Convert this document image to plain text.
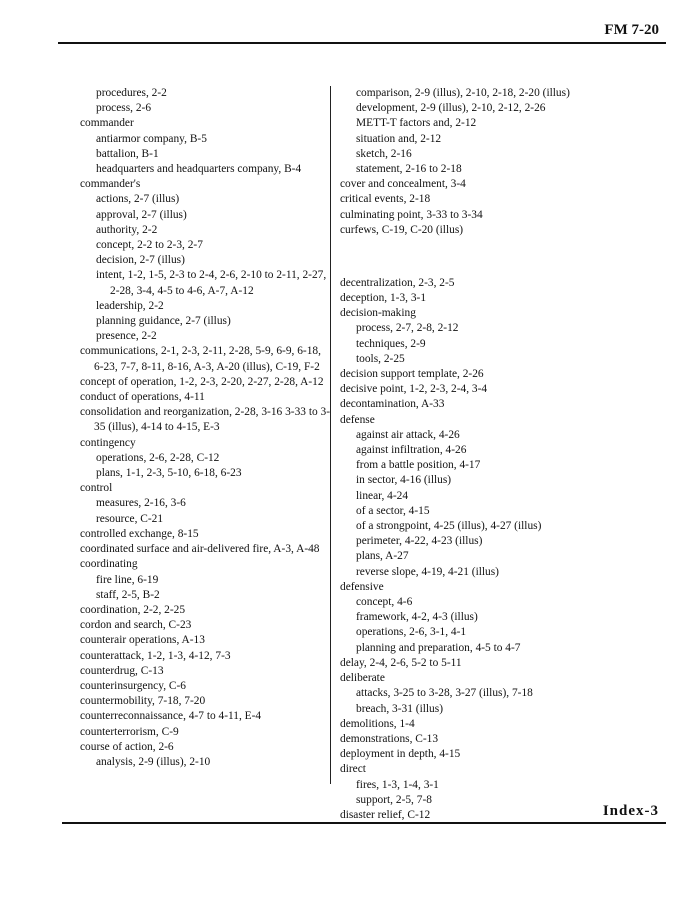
FM 7-20

procedures, 2-2

process, 2-6

commander

antiarmor company, B-5

battalion, B-1

headquarters and headquarters company, B-4

commander's

actions, 2-7 (illus)

approval, 2-7 (illus)

authority, 2-2

concept, 2-2 to 2-3, 2-7

decision, 2-7 (illus)

intent, 1-2, 1-5, 2-3 to 2-4, 2-6, 2-10 to 2-11, 2-27, 2-28, 3-4, 4-5 to 4-6, A-7, A-12

leadership, 2-2

planning guidance, 2-7 (illus)

presence, 2-2

communications, 2-1, 2-3, 2-11, 2-28, 5-9, 6-9, 6-18, 6-23, 7-7, 8-11, 8-16, A-3, A-20 (illus), C-19, F-2

concept of operation, 1-2, 2-3, 2-20, 2-27, 2-28, A-12

conduct of operations, 4-11

consolidation and reorganization, 2-28, 3-16 3-33 to 3-35 (illus), 4-14 to 4-15, E-3

contingency

operations, 2-6, 2-28, C-12

plans, 1-1, 2-3, 5-10, 6-18, 6-23

control

measures, 2-16, 3-6

resource, C-21

controlled exchange, 8-15

coordinated surface and air-delivered fire, A-3, A-48

coordinating

fire line, 6-19

staff, 2-5, B-2

coordination, 2-2, 2-25

cordon and search, C-23

counterair operations, A-13

counterattack, 1-2, 1-3, 4-12, 7-3

counterdrug, C-13

counterinsurgency, C-6

countermobility, 7-18, 7-20

counterreconnaissance, 4-7 to 4-11, E-4

counterterrorism, C-9

course of action, 2-6

analysis, 2-9 (illus), 2-10

comparison, 2-9 (illus), 2-10, 2-18, 2-20 (illus)

development, 2-9 (illus), 2-10, 2-12, 2-26

METT-T factors and, 2-12

situation and, 2-12

sketch, 2-16

statement, 2-16 to 2-18

cover and concealment, 3-4

critical events, 2-18

culminating point, 3-33 to 3-34

curfews, C-19, C-20 (illus)

decentralization, 2-3, 2-5

deception, 1-3, 3-1

decision-making

process, 2-7, 2-8, 2-12

techniques, 2-9

tools, 2-25

decision support template, 2-26

decisive point, 1-2, 2-3, 2-4, 3-4

decontamination, A-33

defense

against air attack, 4-26

against infiltration, 4-26

from a battle position, 4-17

in sector, 4-16 (illus)

linear, 4-24

of a sector, 4-15

of a strongpoint, 4-25 (illus), 4-27 (illus)

perimeter, 4-22, 4-23 (illus)

plans, A-27

reverse slope, 4-19, 4-21 (illus)

defensive

concept, 4-6

framework, 4-2, 4-3 (illus)

operations, 2-6, 3-1, 4-1

planning and preparation, 4-5 to 4-7

delay, 2-4, 2-6, 5-2 to 5-11

deliberate

attacks, 3-25 to 3-28, 3-27 (illus), 7-18

breach, 3-31 (illus)

demolitions, 1-4

demonstrations, C-13

deployment in depth, 4-15

direct

fires, 1-3, 1-4, 3-1

support, 2-5, 7-8

disaster relief, C-12	Index-3
